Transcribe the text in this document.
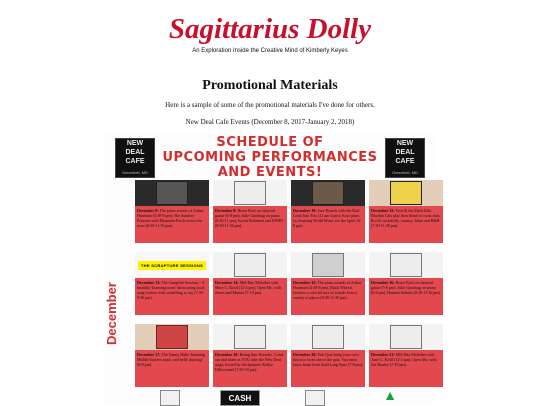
Sagittarius Dolly
An Exploration Inside the Creative Mind of Kimberly Keyes
Promotional Materials
Here is a sample of some of the promotional materials I've done for others.
New Deal Cafe Events (December 8, 2017-January 2, 2018)
NEW
DEAL
CAFE
Greenbelt, MD
NEW
DEAL
CAFE
Greenbelt, MD
SCHEDULE OF
UPCOMING PERFORMANCES
AND EVENTS!
December 8: The piano sounds of Arthur Hantman (4:30-8 pm); The Sundres' Princess with Mountain Porch across the store (8:30-11:30 pm).
December 9: Bruce Kritt on classical guitar (6-8 pm); Julie Ginsburg on piano (8:30-11 pm); Kevin Robinson and KEBO (8:30-11:30 pm).
December 10: Jazz Brunch with the Ruff Loud Jazz Trio (11 am-2 pm); Kora plays its Amazing World Music for the Spirit (6-8 pm).
December 12: Terri & the Slack Kiln Rhythm Cats play their blend of roots rock & roll, rockabilly, country, blues and R&B (7:30-11:30 pm).
THE SCRAPTURE SESSIONS
December 13: The Campfire Sessions - A monthly 'listening room' showcasing local song-writers with something to say (7:30-9:30 pm).
December 14: Mid-Day Melodies with Mary C. Kroll (12-2 pm); Open Mic with James and Marina (7-10 pm).
December 15: The piano sounds of Arthur Hantman (4:30-8 pm); Black Wheels features a colorful mix of sounds from a variety of places (8:30-11:30 pm).
December 16: Bruce Kritt on classical guitar (5-6 pm); Julie Ginsburg on piano (6-8 pm); Hannah Sehntle (8:30-11:30 pm).
December 17: The Danny Hallo Jamming Middle Eastern music and belly dancing! (6-8 pm).
December 19: Rising Star Karaoke. Come out and shine as YOU take the New Deal stage, hosted by the dynamic Kellye Hillerstrand (7:30-10 pm).
December 20: Pub Quiz bring your crew down to form one of the quiz. You must know brain from Auld Lang Syne (7-8 pm).
December 21: Mid-Day Melodies with Amy C. Kroll (12-2 pm); Open Mic with Joe Hanley (7-10 pm).
December
CASH	▲
